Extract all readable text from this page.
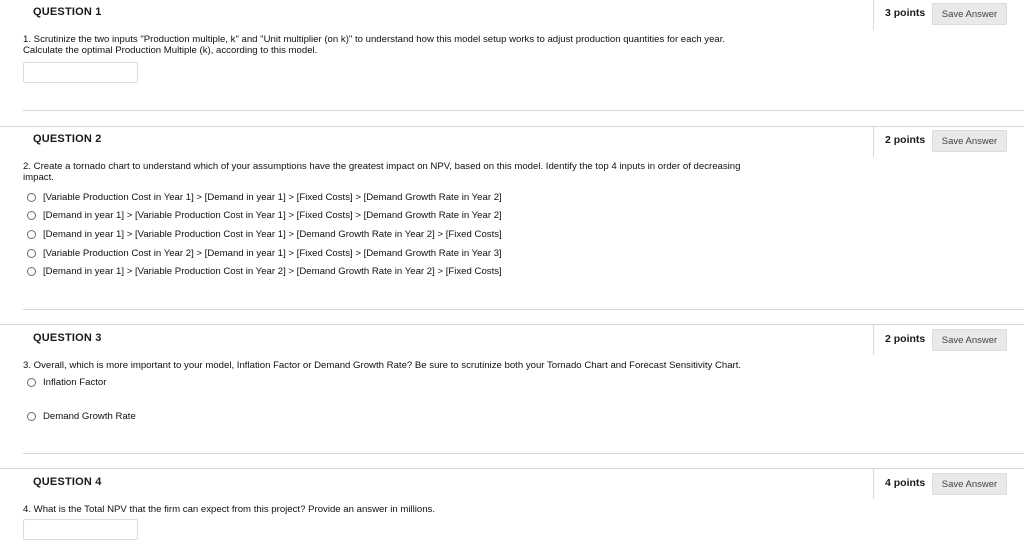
QUESTION 1	3 points	Save Answer
1. Scrutinize the two inputs "Production multiple, k" and "Unit multiplier (on k)" to understand how this model setup works to adjust production quantities for each year.
Calculate the optimal Production Multiple (k), according to this model.
QUESTION 2	2 points	Save Answer
2. Create a tornado chart to understand which of your assumptions have the greatest impact on NPV, based on this model. Identify the top 4 inputs in order of decreasing
impact.
[Variable Production Cost in Year 1] > [Demand in year 1] > [Fixed Costs] > [Demand Growth Rate in Year 2]
[Demand in year 1] > [Variable Production Cost in Year 1] > [Fixed Costs] > [Demand Growth Rate in Year 2]
[Demand in year 1] > [Variable Production Cost in Year 1] > [Demand Growth Rate in Year 2] > [Fixed Costs]
[Variable Production Cost in Year 2] > [Demand in year 1] > [Fixed Costs] > [Demand Growth Rate in Year 3]
[Demand in year 1] > [Variable Production Cost in Year 2] > [Demand Growth Rate in Year 2] > [Fixed Costs]
QUESTION 3	2 points	Save Answer
3. Overall, which is more important to your model, Inflation Factor or Demand Growth Rate? Be sure to scrutinize both your Tornado Chart and Forecast Sensitivity Chart.
Inflation Factor
Demand Growth Rate
QUESTION 4	4 points	Save Answer
4. What is the Total NPV that the firm can expect from this project? Provide an answer in millions.
